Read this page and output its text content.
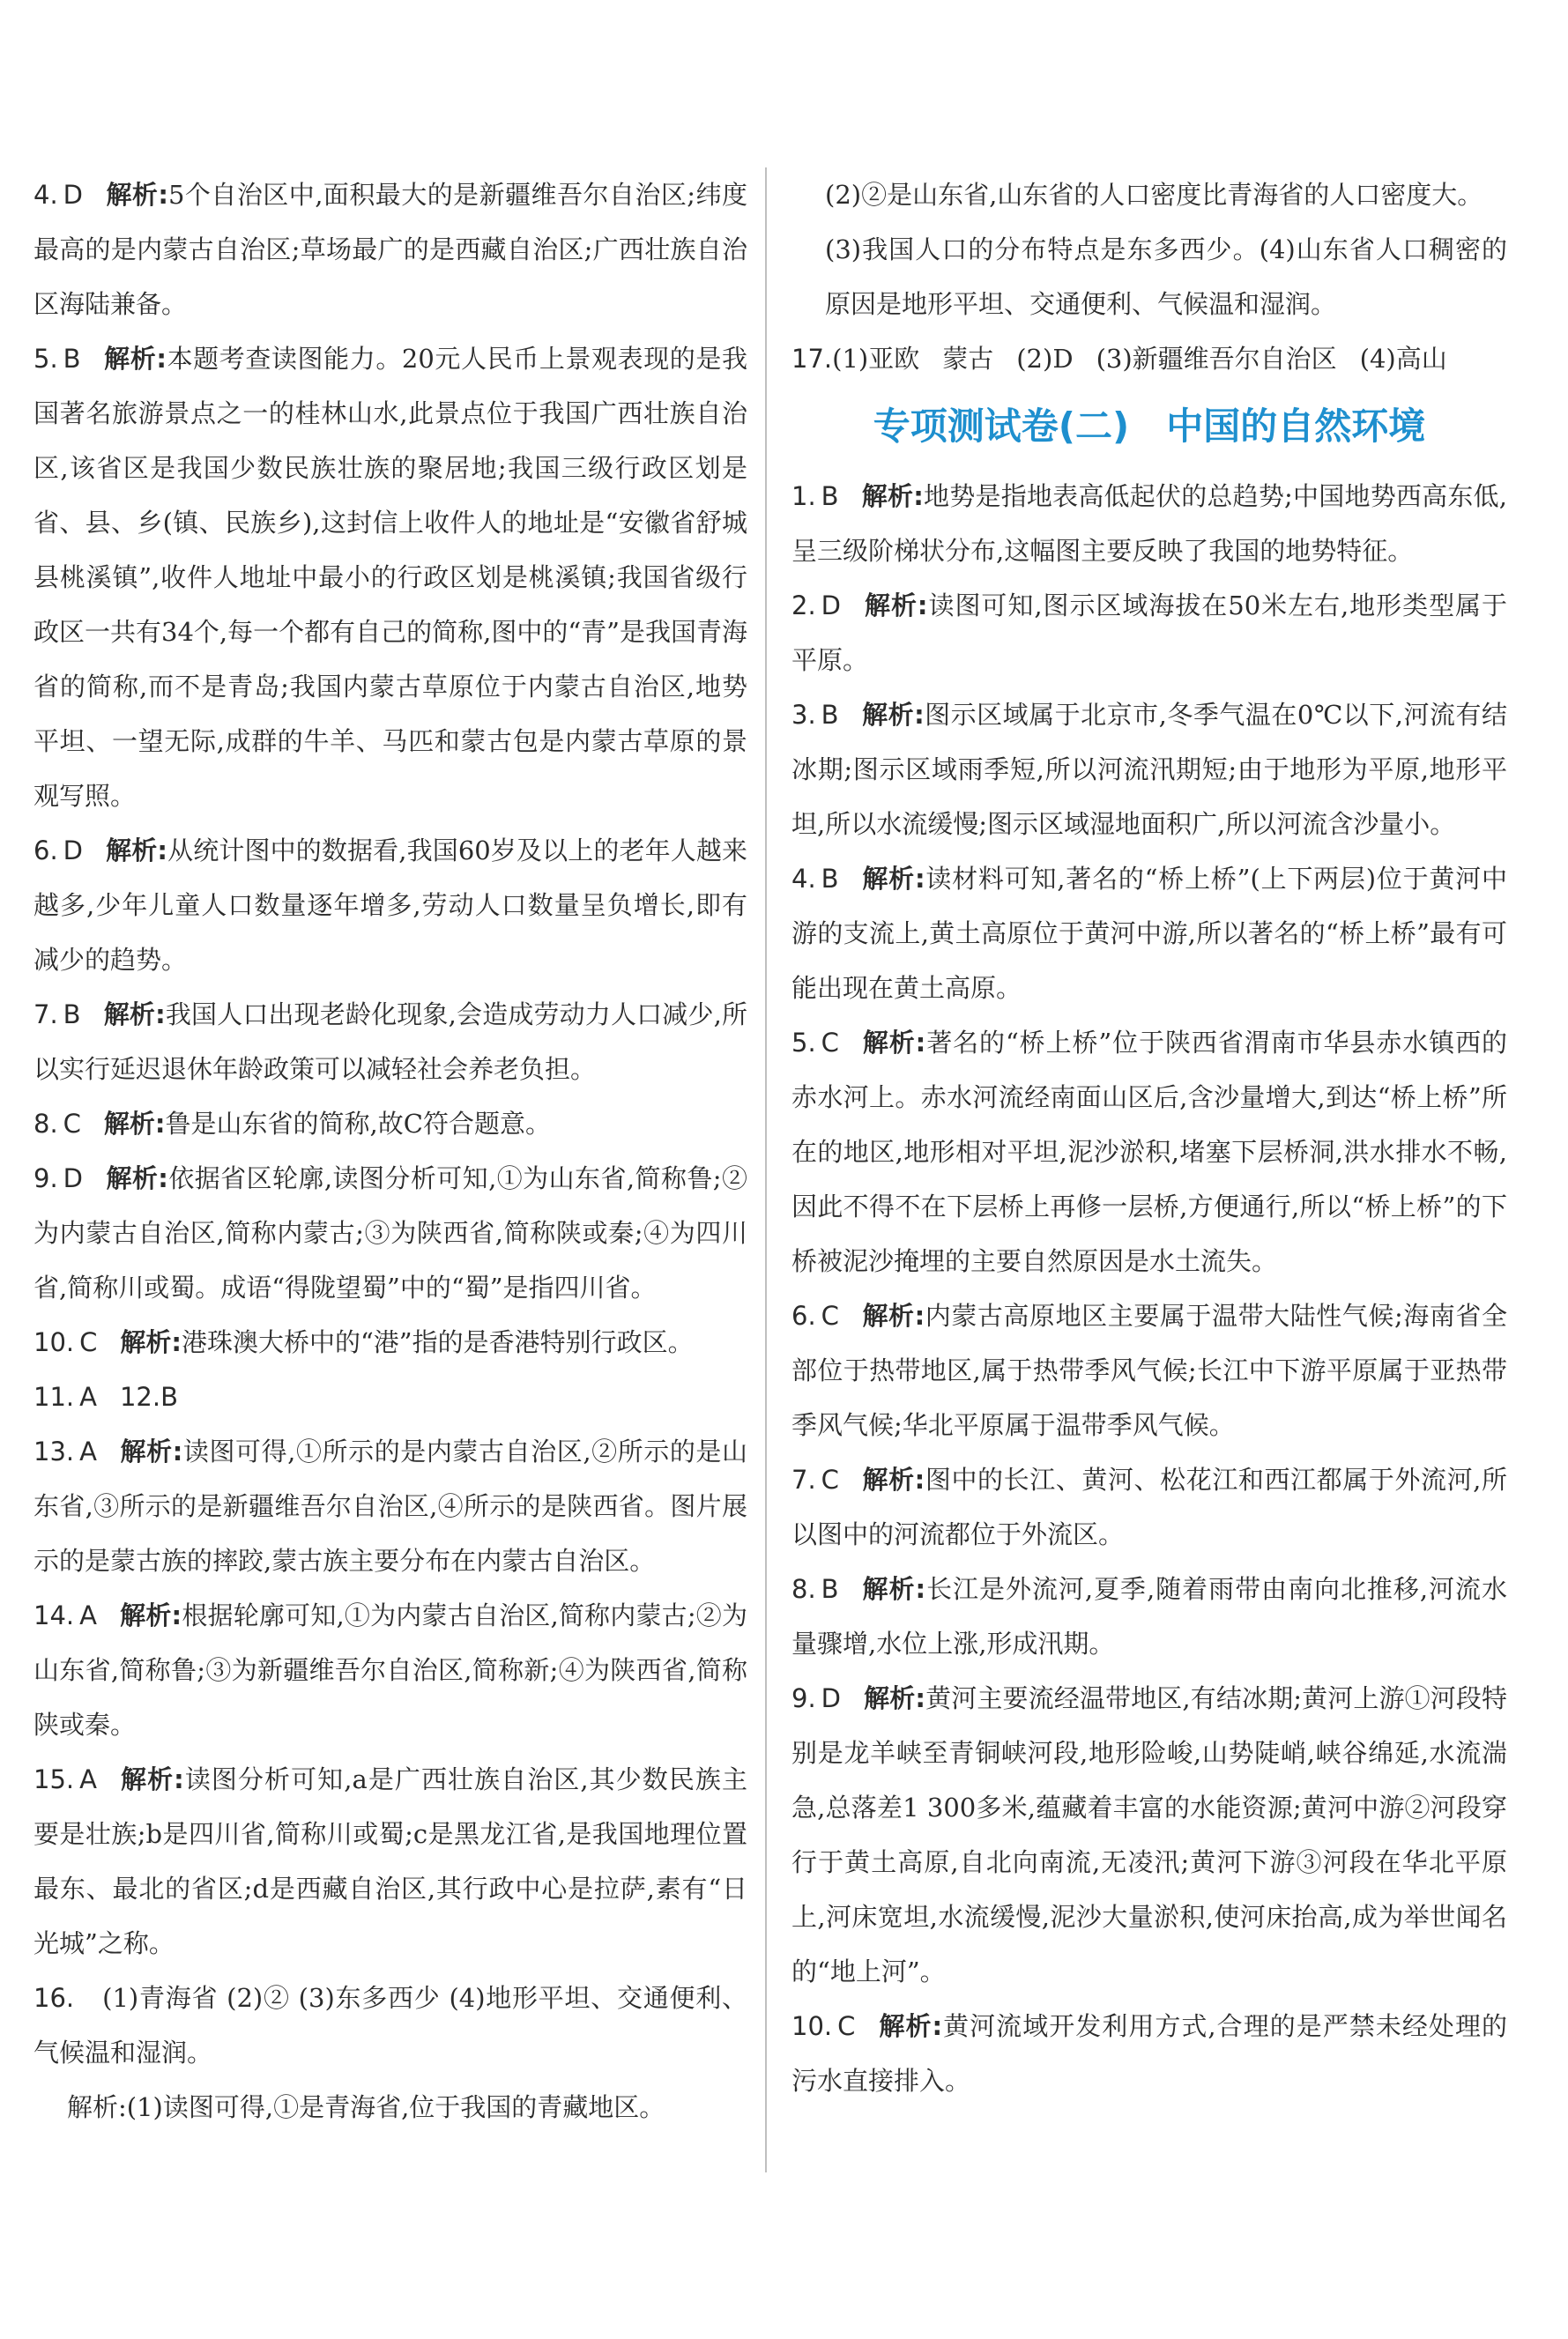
4. D 解析:5个自治区中,面积最大的是新疆维吾尔自治区;纬度最高的是内蒙古自治区;草场最广的是西藏自治区;广西壮族自治区海陆兼备。
5. B 解析:本题考查读图能力。20元人民币上景观表现的是我国著名旅游景点之一的桂林山水,此景点位于我国广西壮族自治区,该省区是我国少数民族壮族的聚居地;我国三级行政区划是省、县、乡(镇、民族乡),这封信上收件人的地址是“安徽省舒城县桃溪镇”,收件人地址中最小的行政区划是桃溪镇;我国省级行政区一共有34个,每一个都有自己的简称,图中的“青”是我国青海省的简称,而不是青岛;我国内蒙古草原位于内蒙古自治区,地势平坦、一望无际,成群的牛羊、马匹和蒙古包是内蒙古草原的景观写照。
6. D 解析:从统计图中的数据看,我国60岁及以上的老年人越来越多,少年儿童人口数量逐年增多,劳动人口数量呈负增长,即有减少的趋势。
7. B 解析:我国人口出现老龄化现象,会造成劳动力人口减少,所以实行延迟退休年龄政策可以减轻社会养老负担。
8. C 解析:鲁是山东省的简称,故C符合题意。
9. D 解析:依据省区轮廓,读图分析可知,①为山东省,简称鲁;②为内蒙古自治区,简称内蒙古;③为陕西省,简称陕或秦;④为四川省,简称川或蜀。成语“得陇望蜀”中的“蜀”是指四川省。
10. C 解析:港珠澳大桥中的“港”指的是香港特别行政区。
11. A 12.B
13. A 解析:读图可得,①所示的是内蒙古自治区,②所示的是山东省,③所示的是新疆维吾尔自治区,④所示的是陕西省。图片展示的是蒙古族的摔跤,蒙古族主要分布在内蒙古自治区。
14. A 解析:根据轮廓可知,①为内蒙古自治区,简称内蒙古;②为山东省,简称鲁;③为新疆维吾尔自治区,简称新;④为陕西省,简称陕或秦。
15. A 解析:读图分析可知,a是广西壮族自治区,其少数民族主要是壮族;b是四川省,简称川或蜀;c是黑龙江省,是我国地理位置最东、最北的省区;d是西藏自治区,其行政中心是拉萨,素有“日光城”之称。
16. (1)青海省 (2)② (3)东多西少 (4)地形平坦、交通便利、气候温和湿润。
解析:(1)读图可得,①是青海省,位于我国的青藏地区。
(2)②是山东省,山东省的人口密度比青海省的人口密度大。
(3)我国人口的分布特点是东多西少。(4)山东省人口稠密的原因是地形平坦、交通便利、气候温和湿润。
17.(1)亚欧 蒙古 (2)D (3)新疆维吾尔自治区 (4)高山
专项测试卷(二) 中国的自然环境
1. B 解析:地势是指地表高低起伏的总趋势;中国地势西高东低,呈三级阶梯状分布,这幅图主要反映了我国的地势特征。
2. D 解析:读图可知,图示区域海拔在50米左右,地形类型属于平原。
3. B 解析:图示区域属于北京市,冬季气温在0℃以下,河流有结冰期;图示区域雨季短,所以河流汛期短;由于地形为平原,地形平坦,所以水流缓慢;图示区域湿地面积广,所以河流含沙量小。
4. B 解析:读材料可知,著名的“桥上桥”(上下两层)位于黄河中游的支流上,黄土高原位于黄河中游,所以著名的“桥上桥”最有可能出现在黄土高原。
5. C 解析:著名的“桥上桥”位于陕西省渭南市华县赤水镇西的赤水河上。赤水河流经南面山区后,含沙量增大,到达“桥上桥”所在的地区,地形相对平坦,泥沙淤积,堵塞下层桥洞,洪水排水不畅,因此不得不在下层桥上再修一层桥,方便通行,所以“桥上桥”的下桥被泥沙掩埋的主要自然原因是水土流失。
6. C 解析:内蒙古高原地区主要属于温带大陆性气候;海南省全部位于热带地区,属于热带季风气候;长江中下游平原属于亚热带季风气候;华北平原属于温带季风气候。
7. C 解析:图中的长江、黄河、松花江和西江都属于外流河,所以图中的河流都位于外流区。
8. B 解析:长江是外流河,夏季,随着雨带由南向北推移,河流水量骤增,水位上涨,形成汛期。
9. D 解析:黄河主要流经温带地区,有结冰期;黄河上游①河段特别是龙羊峡至青铜峡河段,地形险峻,山势陡峭,峡谷绵延,水流湍急,总落差1 300多米,蕴藏着丰富的水能资源;黄河中游②河段穿行于黄土高原,自北向南流,无凌汛;黄河下游③河段在华北平原上,河床宽坦,水流缓慢,泥沙大量淤积,使河床抬高,成为举世闻名的“地上河”。
10. C 解析:黄河流域开发利用方式,合理的是严禁未经处理的污水直接排入。
